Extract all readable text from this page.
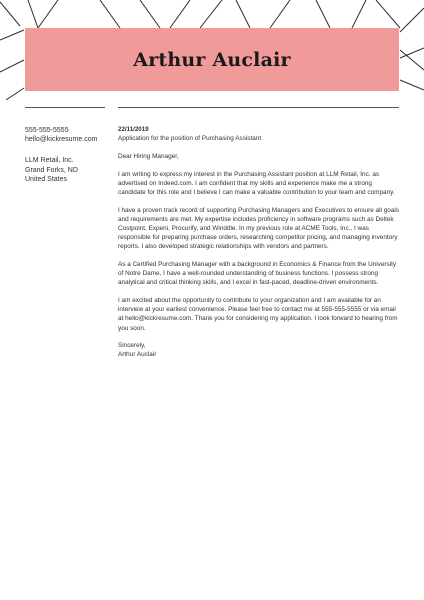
Arthur Auclair
555-555-5555
hello@kickresume.com
LLM Retail, Inc.
Grand Forks, ND
United States
22/11/2019

Application for the position of Purchasing Assistant

Dear Hiring Manager,

I am writing to express my interest in the Purchasing Assistant position at LLM Retail, Inc. as advertised on Indeed.com. I am confident that my skills and experience make me a strong candidate for this role and I believe I can make a valuable contribution to your team and company.

I have a proven track record of supporting Purchasing Managers and Executives to ensure all goals and requirements are met. My expertise includes proficiency in software programs such as Deltek Costpoint, Expeni, Procurify, and Winddle. In my previous role at ACME Tools, Inc., I was responsible for preparing purchase orders, researching competitor pricing, and managing inventory reports. I also developed strategic relationships with vendors and partners.

As a Certified Purchasing Manager with a background in Economics & Finance from the University of Notre Dame, I have a well-rounded understanding of business functions. I possess strong analytical and critical thinking skills, and I excel in fast-paced, deadline-driven environments.

I am excited about the opportunity to contribute to your organization and I am available for an interview at your earliest convenience. Please feel free to contact me at 555-555-5555 or via email at hello@kickresume.com. Thank you for considering my application. I look forward to hearing from you soon.

Sincerely,
Arthur Auclair
